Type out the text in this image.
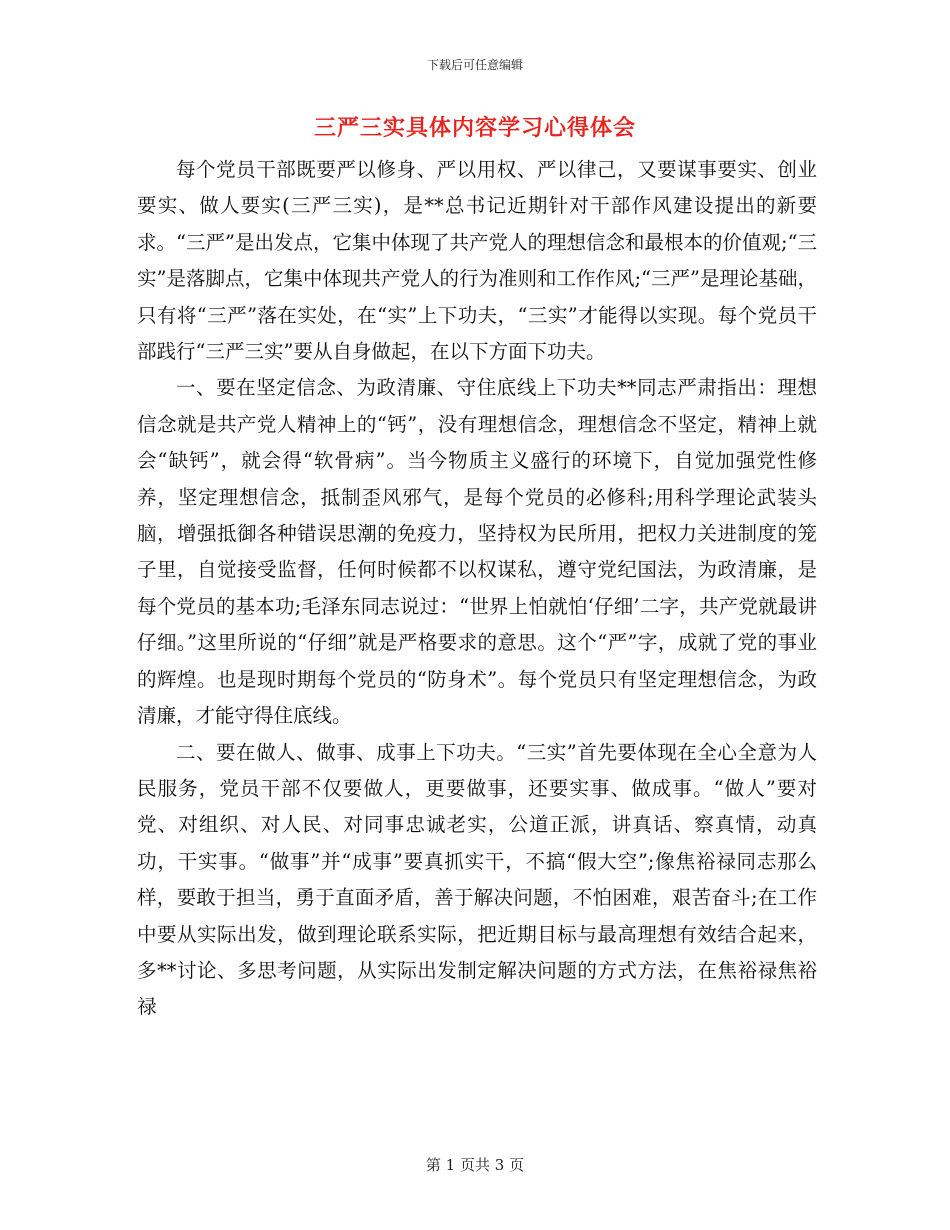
下载后可任意编辑
三严三实具体内容学习心得体会

每个党员干部既要严以修身、严以用权、严以律己，又要谋事要实、创业要实、做人要实(三严三实)，是**总书记近期针对干部作风建设提出的新要求。“三严”是出发点，它集中体现了共产党人的理想信念和最根本的价值观;“三实”是落脚点，它集中体现共产党人的行为准则和工作作风;“三严”是理论基础，只有将“三严”落在实处，在“实”上下功夫，“三实”才能得以实现。每个党员干部践行“三严三实”要从自身做起，在以下方面下功夫。

一、要在坚定信念、为政清廉、守住底线上下功夫**同志严肃指出：理想信念就是共产党人精神上的“钙”，没有理想信念，理想信念不坚定，精神上就会“缺钙”，就会得“软骨病”。当今物质主义盛行的环境下，自觉加强党性修养，坚定理想信念，抵制歪风邪气，是每个党员的必修科;用科学理论武装头脑，增强抵御各种错误思潮的免疫力，坚持权为民所用，把权力关进制度的笼子里，自觉接受监督，任何时候都不以权谋私，遵守党纪国法，为政清廉，是每个党员的基本功;毛泽东同志说过：“世界上怕就怕‘仔细’二字，共产党就最讲仔细。”这里所说的“仔细”就是严格要求的意思。这个“严”字，成就了党的事业的辉煌。也是现时期每个党员的“防身术”。每个党员只有坚定理想信念，为政清廉，才能守得住底线。

二、要在做人、做事、成事上下功夫。“三实”首先要体现在全心全意为人民服务，党员干部不仅要做人，更要做事，还要实事、做成事。“做人”要对党、对组织、对人民、对同事忠诚老实，公道正派，讲真话、察真情，动真功，干实事。“做事”并“成事”要真抓实干，不搞“假大空”;像焦裕禄同志那么样，要敢于担当，勇于直面矛盾，善于解决问题，不怕困难，艰苦奋斗;在工作中要从实际出发，做到理论联系实际，把近期目标与最高理想有效结合起来，多**讨论、多思考问题，从实际出发制定解决问题的方式方法，在焦裕禄焦裕禄

第 1 页共 3 页
